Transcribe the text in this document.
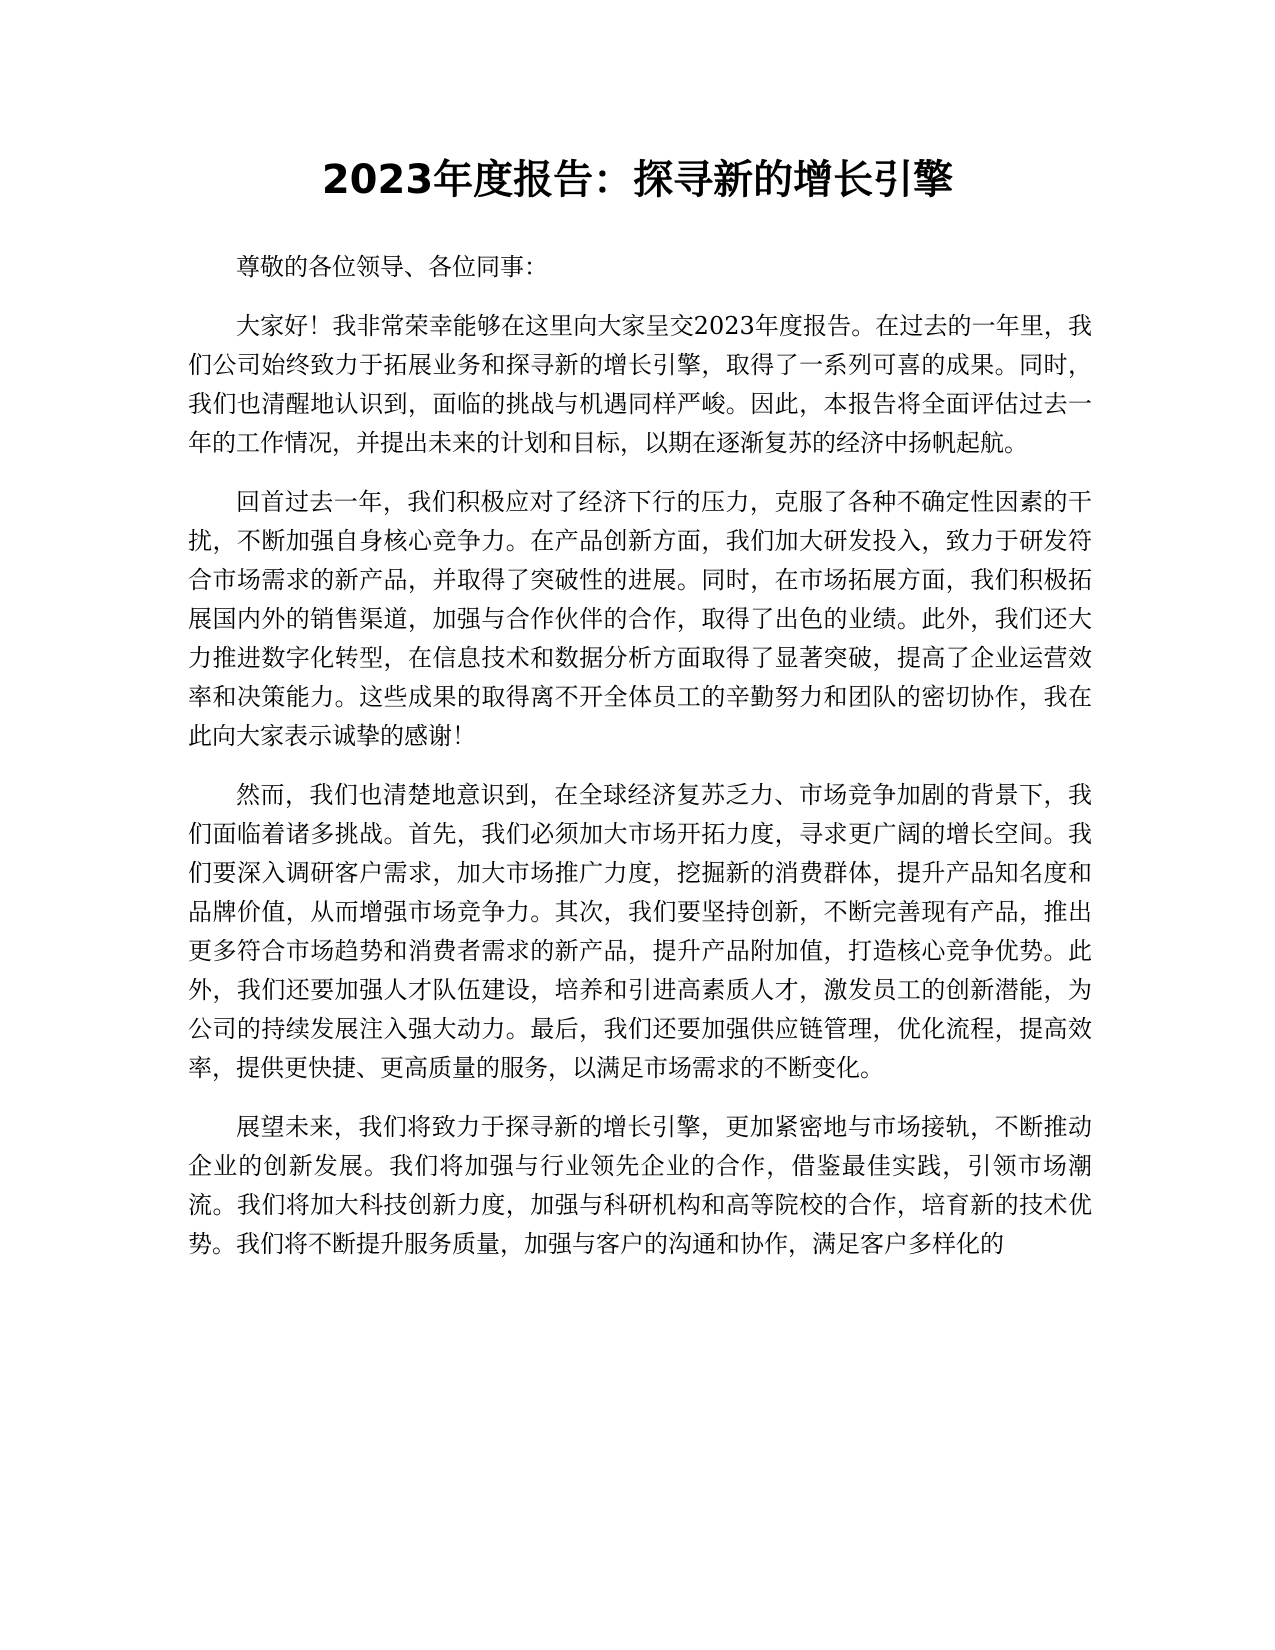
2023年度报告：探寻新的增长引擎

尊敬的各位领导、各位同事：

大家好！我非常荣幸能够在这里向大家呈交2023年度报告。在过去的一年里，我们公司始终致力于拓展业务和探寻新的增长引擎，取得了一系列可喜的成果。同时，我们也清醒地认识到，面临的挑战与机遇同样严峻。因此，本报告将全面评估过去一年的工作情况，并提出未来的计划和目标，以期在逐渐复苏的经济中扬帆起航。

回首过去一年，我们积极应对了经济下行的压力，克服了各种不确定性因素的干扰，不断加强自身核心竞争力。在产品创新方面，我们加大研发投入，致力于研发符合市场需求的新产品，并取得了突破性的进展。同时，在市场拓展方面，我们积极拓展国内外的销售渠道，加强与合作伙伴的合作，取得了出色的业绩。此外，我们还大力推进数字化转型，在信息技术和数据分析方面取得了显著突破，提高了企业运营效率和决策能力。这些成果的取得离不开全体员工的辛勤努力和团队的密切协作，我在此向大家表示诚挚的感谢！

然而，我们也清楚地意识到，在全球经济复苏乏力、市场竞争加剧的背景下，我们面临着诸多挑战。首先，我们必须加大市场开拓力度，寻求更广阔的增长空间。我们要深入调研客户需求，加大市场推广力度，挖掘新的消费群体，提升产品知名度和品牌价值，从而增强市场竞争力。其次，我们要坚持创新，不断完善现有产品，推出更多符合市场趋势和消费者需求的新产品，提升产品附加值，打造核心竞争优势。此外，我们还要加强人才队伍建设，培养和引进高素质人才，激发员工的创新潜能，为公司的持续发展注入强大动力。最后，我们还要加强供应链管理，优化流程，提高效率，提供更快捷、更高质量的服务，以满足市场需求的不断变化。

展望未来，我们将致力于探寻新的增长引擎，更加紧密地与市场接轨，不断推动企业的创新发展。我们将加强与行业领先企业的合作，借鉴最佳实践，引领市场潮流。我们将加大科技创新力度，加强与科研机构和高等院校的合作，培育新的技术优势。我们将不断提升服务质量，加强与客户的沟通和协作，满足客户多样化的
